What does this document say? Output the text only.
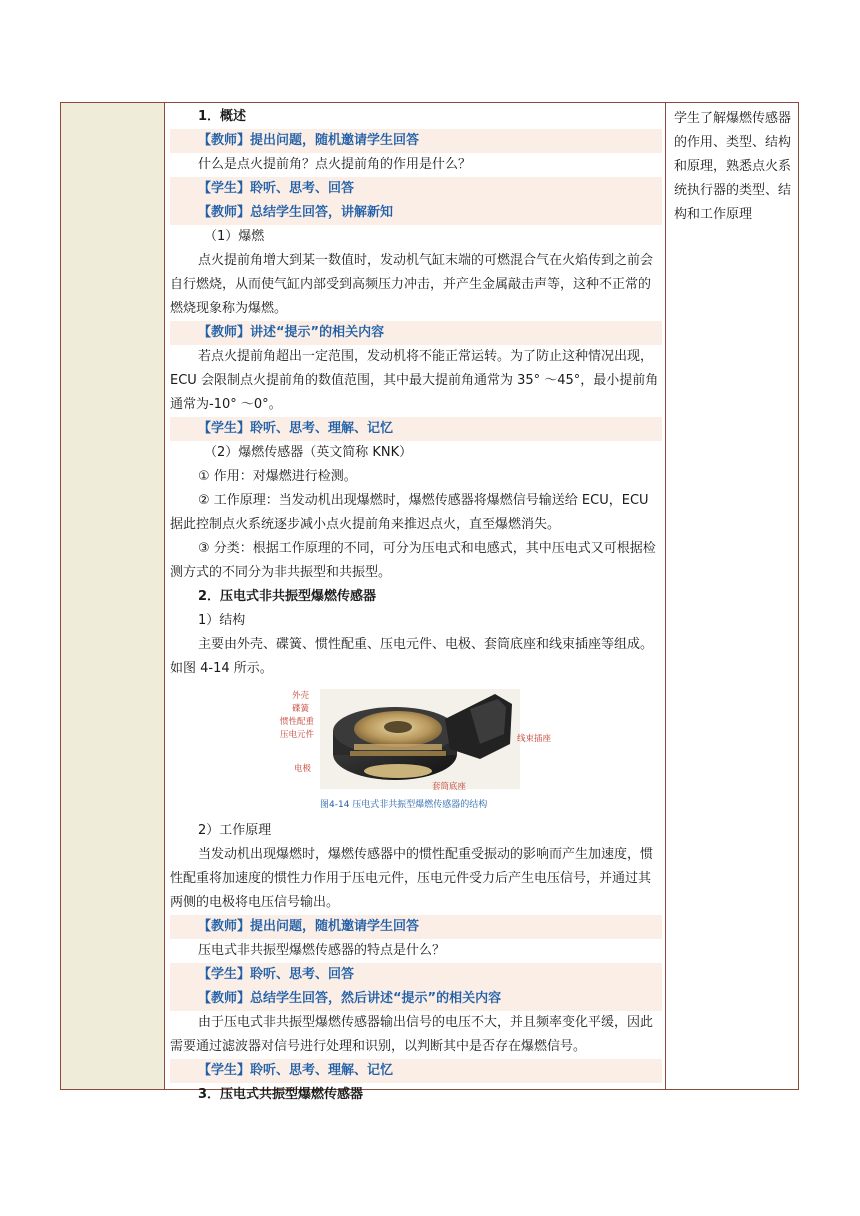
1．概述
【教师】提出问题，随机邀请学生回答
什么是点火提前角？点火提前角的作用是什么？
【学生】聆听、思考、回答
【教师】总结学生回答，讲解新知
（1）爆燃
点火提前角增大到某一数值时，发动机气缸末端的可燃混合气在火焰传到之前会
自行燃烧，从而使气缸内部受到高频压力冲击，并产生金属敲击声等，这种不正常的
燃烧现象称为爆燃。
【教师】讲述“提示”的相关内容
若点火提前角超出一定范围，发动机将不能正常运转。为了防止这种情况出现，
ECU 会限制点火提前角的数值范围，其中最大提前角通常为 35° ～45°，最小提前角
通常为-10° ～0°。
【学生】聆听、思考、理解、记忆
（2）爆燃传感器（英文简称 KNK）
① 作用：对爆燃进行检测。
② 工作原理：当发动机出现爆燃时，爆燃传感器将爆燃信号输送给 ECU，ECU
据此控制点火系统逐步减小点火提前角来推迟点火，直至爆燃消失。
③ 分类：根据工作原理的不同，可分为压电式和电感式，其中压电式又可根据检
测方式的不同分为非共振型和共振型。
2．压电式非共振型爆燃传感器
1）结构
主要由外壳、碟簧、惯性配重、压电元件、电极、套筒底座和线束插座等组成。
如图 4-14 所示。
外壳
碟簧
惯性配重
压电元件
电极
线束插座
套筒底座
图4-14 压电式非共振型爆燃传感器的结构
2）工作原理
当发动机出现爆燃时，爆燃传感器中的惯性配重受振动的影响而产生加速度，惯
性配重将加速度的惯性力作用于压电元件，压电元件受力后产生电压信号，并通过其
两侧的电极将电压信号输出。
【教师】提出问题，随机邀请学生回答
压电式非共振型爆燃传感器的特点是什么？
【学生】聆听、思考、回答
【教师】总结学生回答，然后讲述“提示”的相关内容
由于压电式非共振型爆燃传感器输出信号的电压不大，并且频率变化平缓，因此
需要通过滤波器对信号进行处理和识别，以判断其中是否存在爆燃信号。
【学生】聆听、思考、理解、记忆
3．压电式共振型爆燃传感器
学生了解爆燃传感器的作用、类型、结构和原理，熟悉点火系统执行器的类型、结构和工作原理
